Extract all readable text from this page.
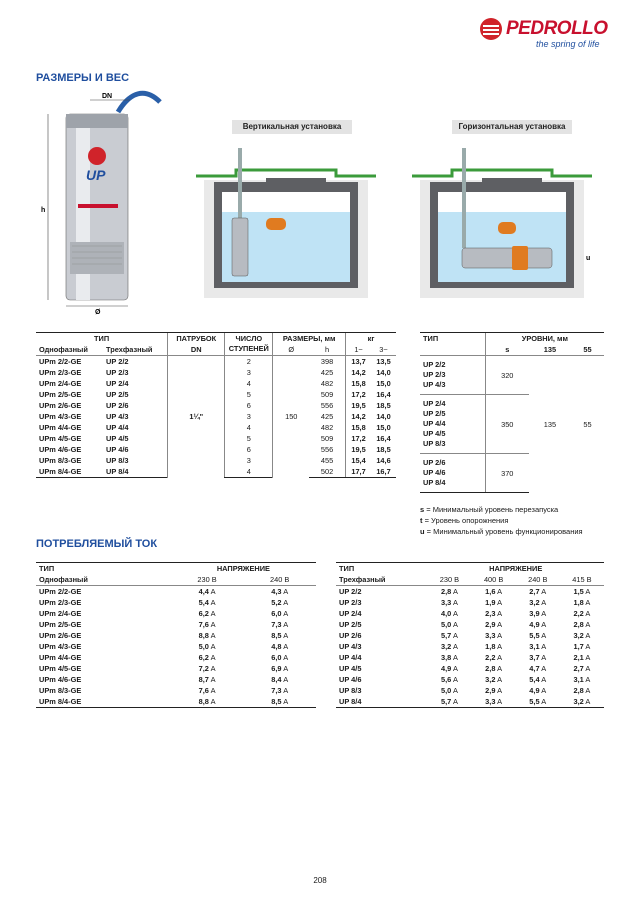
PEDROLLO
the spring of life
РАЗМЕРЫ И ВЕС
DN
UP
h
Ø
Вертикальная установка	Горизонтальная установка
u
ТИП		ПАТРУБОК	ЧИСЛО СТУПЕНЕЙ	РАЗМЕРЫ, мм		кг	
Однофазный	Трехфазный	DN		Ø	h	1~	3~
UPm 2/2-GE	UP 2/2	1¼"	2	150	398	13,7	13,5
UPm 2/3-GE	UP 2/3		3		425	14,2	14,0
UPm 2/4-GE	UP 2/4		4		482	15,8	15,0
UPm 2/5-GE	UP 2/5		5		509	17,2	16,4
UPm 2/6-GE	UP 2/6		6		556	19,5	18,5
UPm 4/3-GE	UP 4/3		3		425	14,2	14,0
UPm 4/4-GE	UP 4/4		4		482	15,8	15,0
UPm 4/5-GE	UP 4/5		5		509	17,2	16,4
UPm 4/6-GE	UP 4/6		6		556	19,5	18,5
UPm 8/3-GE	UP 8/3		3		455	15,4	14,6
UPm 8/4-GE	UP 8/4		4		502	17,7	16,7
ТИП	УРОВНИ, мм		
	s	135	55

UP 2/2
UP 2/3
UP 4/3	320	135	55

UP 2/4
UP 2/5
UP 4/4
UP 4/5
UP 8/3	350		

UP 2/6
UP 4/6
UP 8/4	370		
s = Минимальный уровень перезапуска
t = Уровень опорожнения
u = Минимальный уровень функционирования
ПОТРЕБЛЯЕМЫЙ ТОК
ТИП	НАПРЯЖЕНИЕ	
Однофазный	230 В	240 В
UPm 2/2-GE	4,4 A	4,3 A
UPm 2/3-GE	5,4 A	5,2 A
UPm 2/4-GE	6,2 A	6,0 A
UPm 2/5-GE	7,6 A	7,3 A
UPm 2/6-GE	8,8 A	8,5 A
UPm 4/3-GE	5,0 A	4,8 A
UPm 4/4-GE	6,2 A	6,0 A
UPm 4/5-GE	7,2 A	6,9 A
UPm 4/6-GE	8,7 A	8,4 A
UPm 8/3-GE	7,6 A	7,3 A
UPm 8/4-GE	8,8 A	8,5 A
ТИП	НАПРЯЖЕНИЕ			
Трехфазный	230 В	400 В	240 В	415 В
UP 2/2	2,8 A	1,6 A	2,7 A	1,5 A
UP 2/3	3,3 A	1,9 A	3,2 A	1,8 A
UP 2/4	4,0 A	2,3 A	3,9 A	2,2 A
UP 2/5	5,0 A	2,9 A	4,9 A	2,8 A
UP 2/6	5,7 A	3,3 A	5,5 A	3,2 A
UP 4/3	3,2 A	1,8 A	3,1 A	1,7 A
UP 4/4	3,8 A	2,2 A	3,7 A	2,1 A
UP 4/5	4,9 A	2,8 A	4,7 A	2,7 A
UP 4/6	5,6 A	3,2 A	5,4 A	3,1 A
UP 8/3	5,0 A	2,9 A	4,9 A	2,8 A
UP 8/4	5,7 A	3,3 A	5,5 A	3,2 A
208
